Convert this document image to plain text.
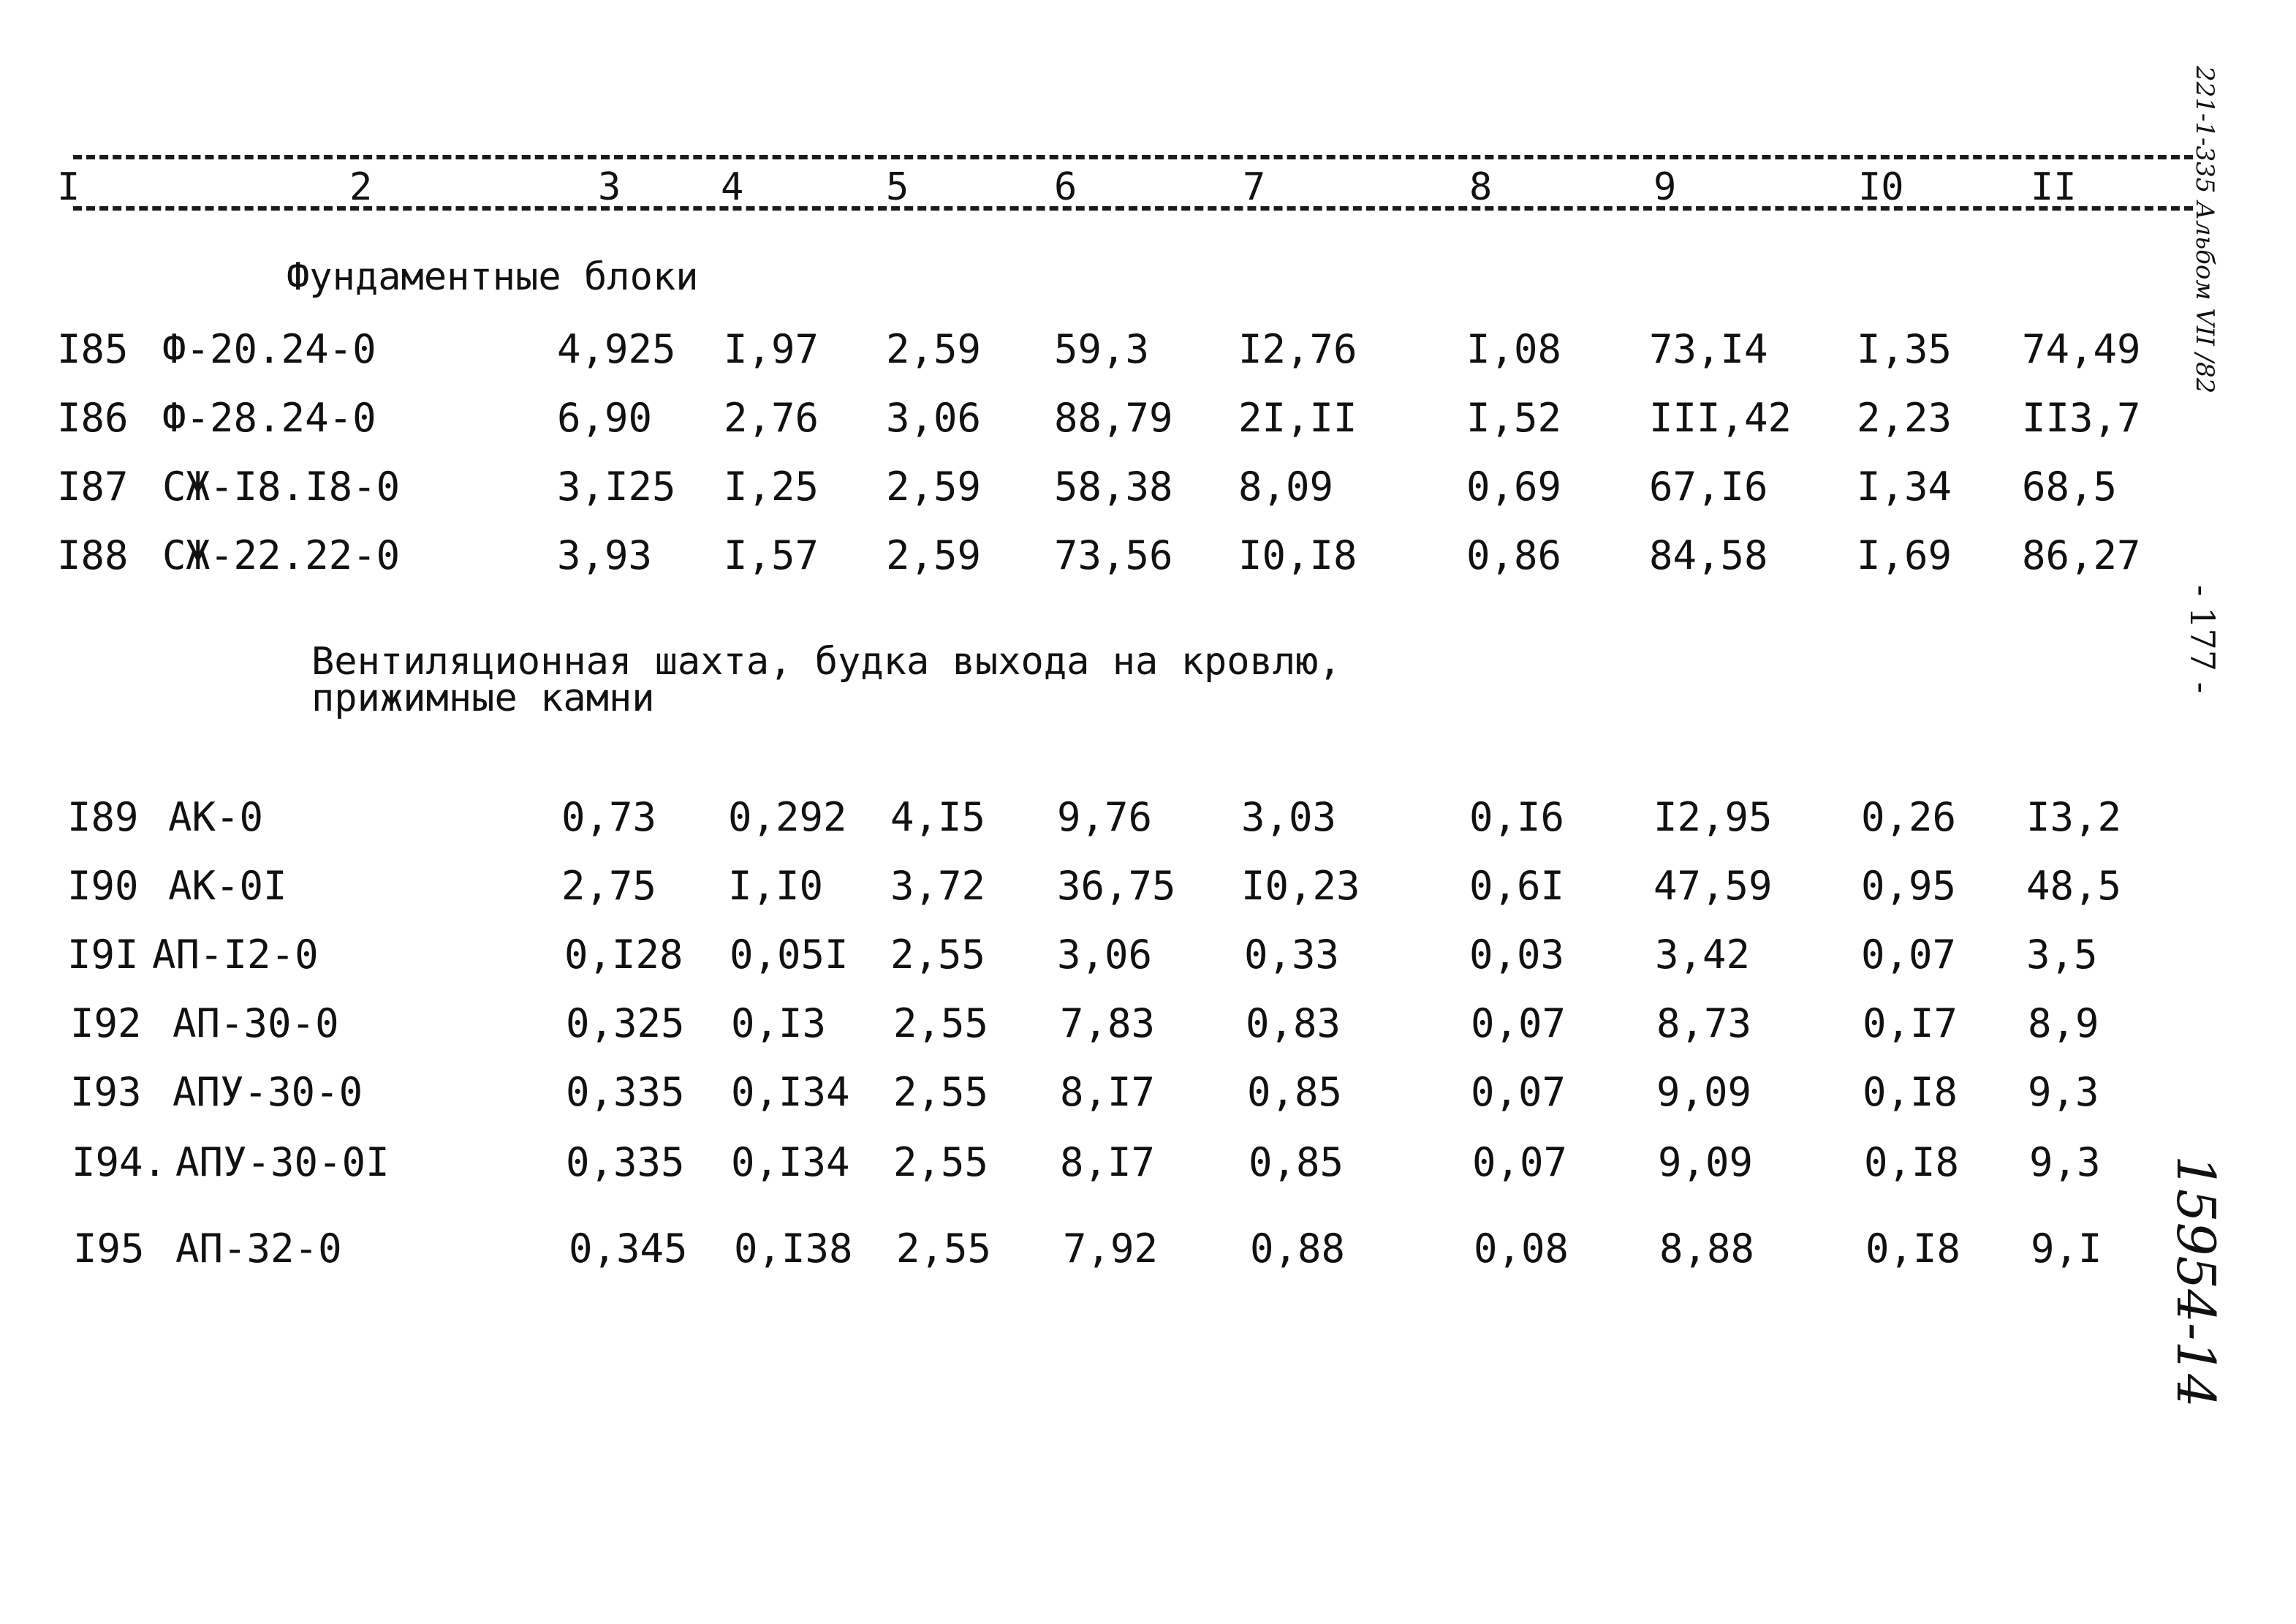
I	2	3	4	5	6	7	8	9	I0	II
Фундаментные блоки
I85 Ф-20.24-0	4,925 I,97 2,59 59,3 I2,76	I,08 73,I4 I,35 74,49
I86 Ф-28.24-0	6,90 2,76 3,06 88,79 2I,II	I,52 III,42 2,23 II3,7
I87 СЖ-I8.I8-0	3,I25 I,25 2,59 58,38 8,09	0,69 67,I6 I,34 68,5
I88 СЖ-22.22-0	3,93 I,57 2,59 73,56 I0,I8	0,86 84,58 I,69 86,27
Вентиляционная шахта, будка выхода на кровлю,
прижимные камни
I89 АК-0	0,73 0,292 4,I5 9,76 3,03	0,I6 I2,95 0,26 I3,2
I90 АК-0I	2,75 I,I0 3,72 36,75 I0,23	0,6I 47,59 0,95 48,5
I9I АП-I2-0	0,I28 0,05I 2,55 3,06 0,33	0,03 3,42	0,07 3,5
I92 АП-30-0	0,325 0,I3 2,55 7,83 0,83	0,07 8,73	0,I7 8,9
I93 АПУ-30-0	0,335 0,I34 2,55 8,I7 0,85	0,07 9,09	0,I8 9,3
I94. АПУ-30-0I	0,335 0,I34 2,55 8,I7 0,85	0,07 9,09	0,I8 9,3
I95 АП-32-0	0,345 0,I38 2,55 7,92 0,88	0,08 8,88	0,I8 9,I
221-1-335 Альбом VII /82
- 177 -
15954-14
